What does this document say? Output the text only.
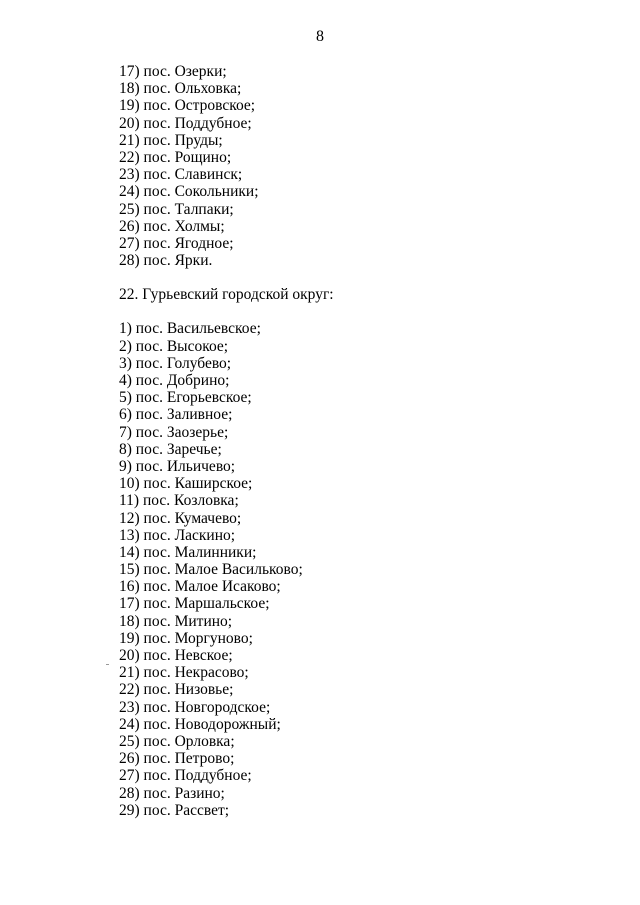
8
17) пос. Озерки;
18) пос. Ольховка;
19) пос. Островское;
20) пос. Поддубное;
21) пос. Пруды;
22) пос. Рощино;
23) пос. Славинск;
24) пос. Сокольники;
25) пос. Талпаки;
26) пос. Холмы;
27) пос. Ягодное;
28) пос. Ярки.
22. Гурьевский городской округ:
1) пос. Васильевское;
2) пос. Высокое;
3) пос. Голубево;
4) пос. Добрино;
5) пос. Егорьевское;
6) пос. Заливное;
7) пос. Заозерье;
8) пос. Заречье;
9) пос. Ильичево;
10) пос. Каширское;
11) пос. Козловка;
12) пос. Кумачево;
13) пос. Ласкино;
14) пос. Малинники;
15) пос. Малое Васильково;
16) пос. Малое Исаково;
17) пос. Маршальское;
18) пос. Митино;
19) пос. Моргуново;
20) пос. Невское;
21) пос. Некрасово;
22) пос. Низовье;
23) пос. Новгородское;
24) пос. Новодорожный;
25) пос. Орловка;
26) пос. Петрово;
27) пос. Поддубное;
28) пос. Разино;
29) пос. Рассвет;
